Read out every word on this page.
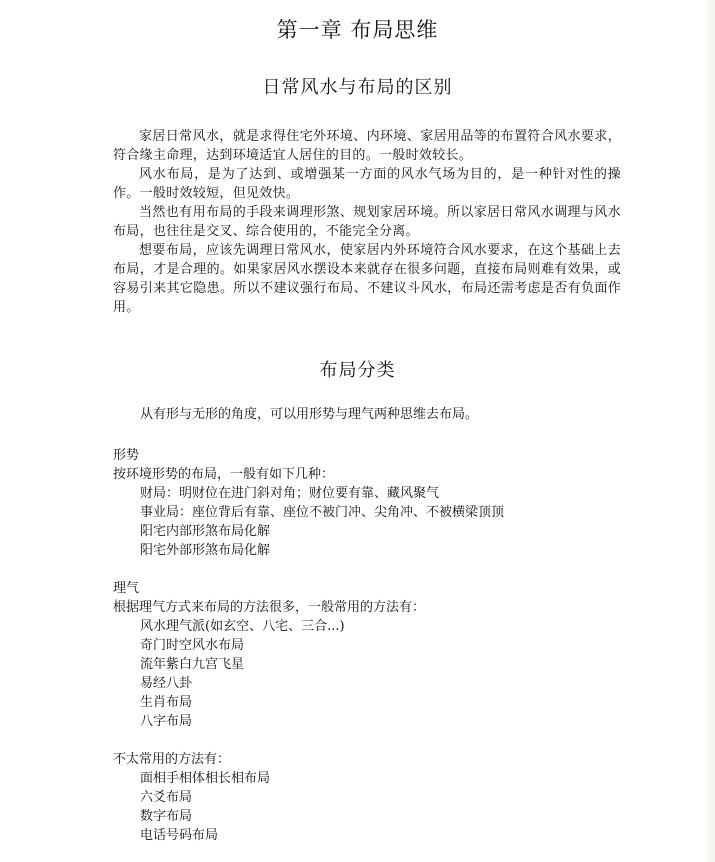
第一章 布局思维
日常风水与布局的区别

家居日常风水，就是求得住宅外环境、内环境、家居用品等的布置符合风水要求，符合缘主命理，达到环境适宜人居住的目的。一般时效较长。

风水布局，是为了达到、或增强某一方面的风水气场为目的，是一种针对性的操作。一般时效较短，但见效快。

当然也有用布局的手段来调理形煞、规划家居环境。所以家居日常风水调理与风水布局，也往往是交叉、综合使用的，不能完全分离。

想要布局，应该先调理日常风水，使家居内外环境符合风水要求，在这个基础上去布局，才是合理的。如果家居风水摆设本来就存在很多问题，直接布局则难有效果，或容易引来其它隐患。所以不建议强行布局、不建议斗风水，布局还需考虑是否有负面作用。

布局分类

从有形与无形的角度，可以用形势与理气两种思维去布局。

形势

按环境形势的布局，一般有如下几种：

财局：明财位在进门斜对角；财位要有靠、藏风聚气

事业局：座位背后有靠、座位不被门冲、尖角冲、不被横梁顶顶

阳宅内部形煞布局化解

阳宅外部形煞布局化解

理气

根据理气方式来布局的方法很多，一般常用的方法有：

风水理气派(如玄空、八宅、三合...)

奇门时空风水布局

流年紫白九宫飞星

易经八卦

生肖布局

八字布局

不太常用的方法有：

面相手相体相长相布局

六爻布局

数字布局

电话号码布局
